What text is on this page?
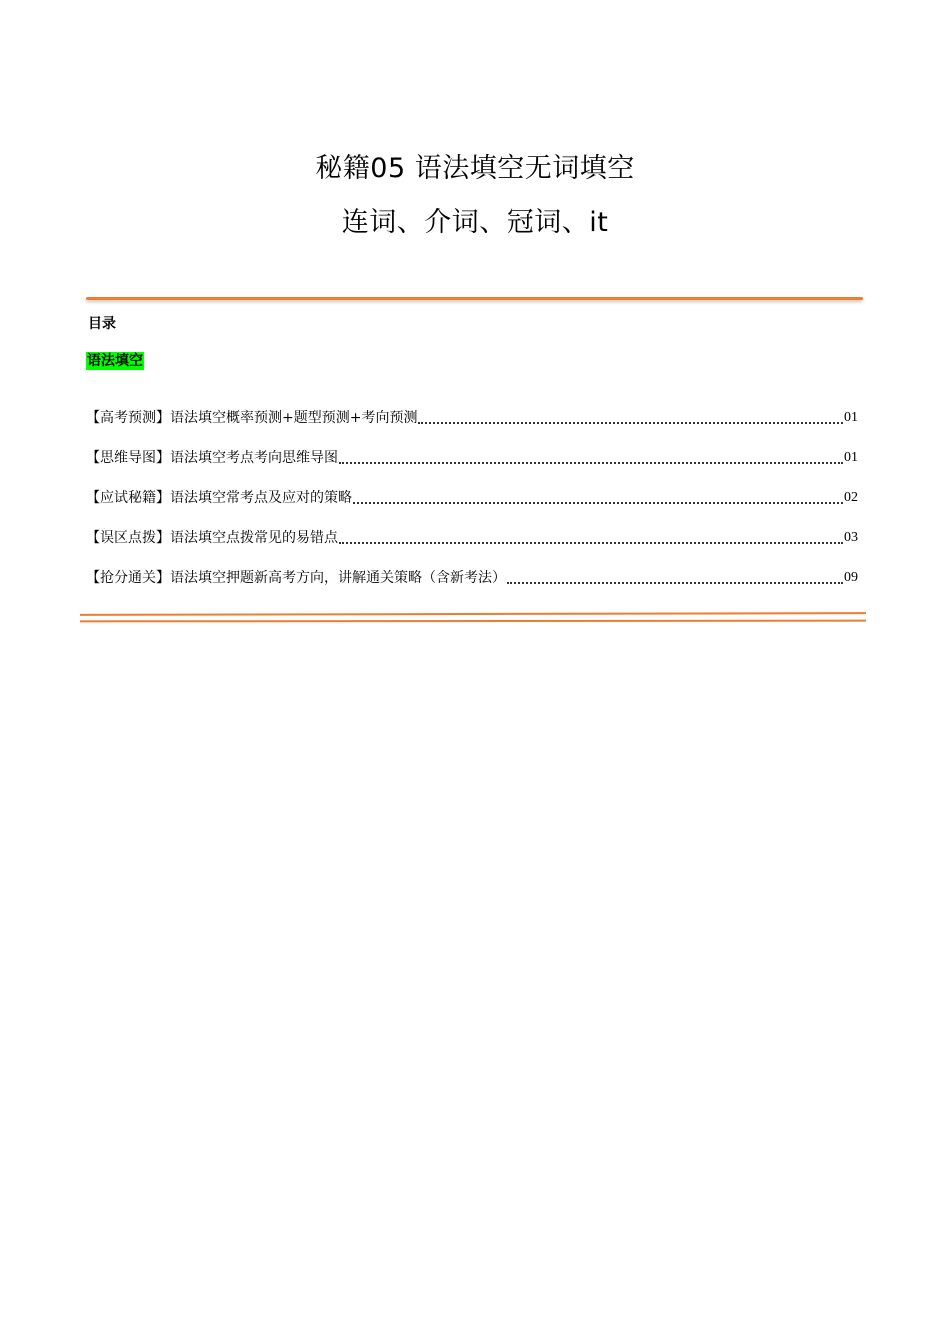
秘籍05 语法填空无词填空
连词、介词、冠词、it
目录
语法填空
【高考预测】语法填空概率预测+题型预测+考向预测	01
【思维导图】语法填空考点考向思维导图	01
【应试秘籍】语法填空常考点及应对的策略	02
【误区点拨】语法填空点拨常见的易错点	03
【抢分通关】语法填空押题新高考方向，讲解通关策略（含新考法）	09
